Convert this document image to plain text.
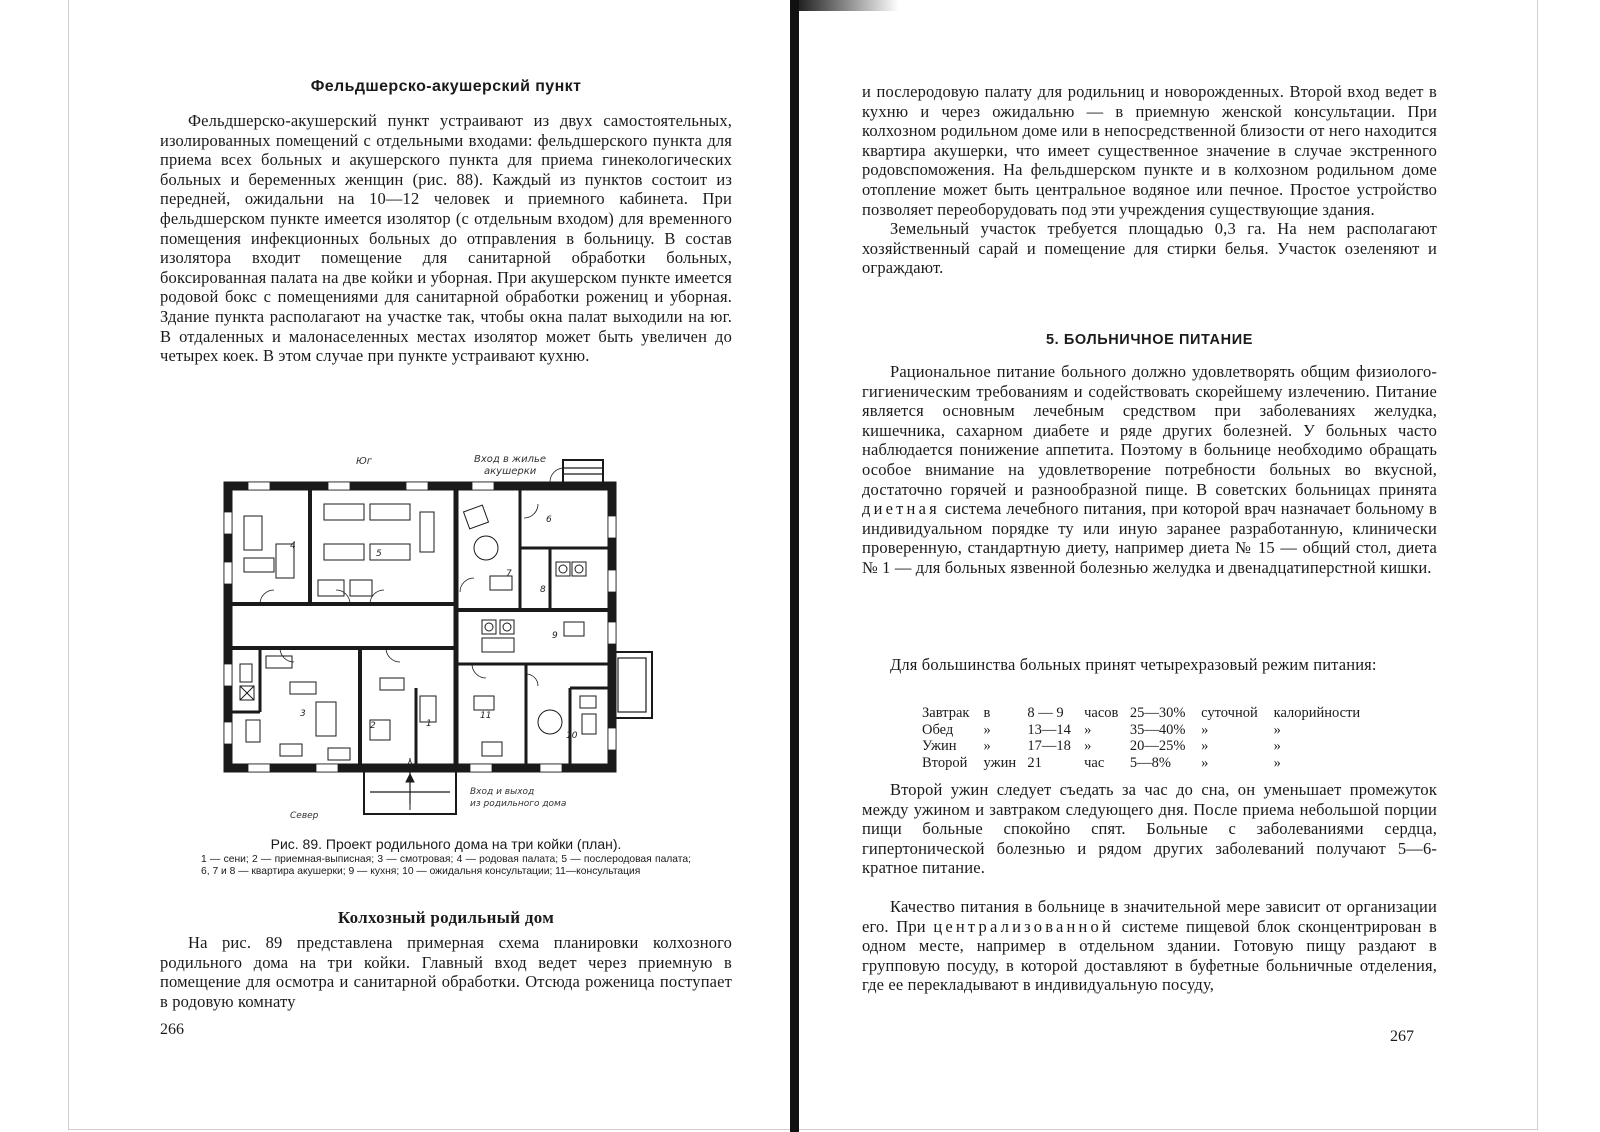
Фельдшерско-акушерский пункт

Фельдшерско-акушерский пункт устраивают из двух самостоятельных, изолированных помещений с отдельными входами: фельдшерского пункта для приема всех больных и акушерского пункта для приема гинекологических больных и беременных женщин (рис. 88). Каждый из пунктов состоит из передней, ожидальни на 10—12 человек и приемного кабинета. При фельдшерском пункте имеется изолятор (с отдельным входом) для временного помещения инфекционных больных до отправления в больницу. В состав изолятора входит помещение для санитарной обработки больных, боксированная палата на две койки и уборная. При акушерском пункте имеется родовой бокс с помещениями для санитарной обработки рожениц и уборная. Здание пункта располагают на участке так, чтобы окна палат выходили на юг. В отдаленных и малонаселенных местах изолятор может быть увеличен до четырех коек. В этом случае при пункте устраивают кухню.

1
2
3
4
5
6
7
8
9
10
11
Юг	Вход в жилье
акушерки
Вход и выход
из родильного дома
Север

Рис. 89. Проект родильного дома на три койки (план).

1 — сени; 2 — приемная-выписная; 3 — смотровая; 4 — родовая палата; 5 — послеродовая палата; 6, 7 и 8 — квартира акушерки; 9 — кухня; 10 — ожидальня консультации; 11—консультация

Колхозный родильный дом

На рис. 89 представлена примерная схема планировки колхозного родильного дома на три койки. Главный вход ведет через приемную в помещение для осмотра и санитарной обработки. Отсюда роженица поступает в родовую комнату

266

и послеродовую палату для родильниц и новорожденных. Второй вход ведет в кухню и через ожидальню — в приемную женской консультации. При колхозном родильном доме или в непосредственной близости от него находится квартира акушерки, что имеет существенное значение в случае экстренного родовспоможения. На фельдшерском пункте и в колхозном родильном доме отопление может быть центральное водяное или печное. Простое устройство позволяет переоборудовать под эти учреждения существующие здания.

Земельный участок требуется площадью 0,3 га. На нем располагают хозяйственный сарай и помещение для стирки белья. Участок озеленяют и ограждают.

5. БОЛЬНИЧНОЕ ПИТАНИЕ

Рациональное питание больного должно удовлетворять общим физиолого-гигиеническим требованиям и содействовать скорейшему излечению. Питание является основным лечебным средством при заболеваниях желудка, кишечника, сахарном диабете и ряде других болезней. У больных часто наблюдается понижение аппетита. Поэтому в больнице необходимо обращать особое внимание на удовлетворение потребности больных во вкусной, достаточно горячей и разнообразной пище. В советских больницах принята диетная система лечебного питания, при которой врач назначает больному в индивидуальном порядке ту или иную заранее разработанную, клинически проверенную, стандартную диету, например диета № 15 — общий стол, диета № 1 — для больных язвенной болезнью желудка и двенадцатиперстной кишки.

Для большинства больных принят четырехразовый режим питания:

Завтрак	в	8 — 9	часов	25—30%	суточной	калорийности
Обед	»	13—14	»	35—40%	»	»
Ужин	»	17—18	»	20—25%	»	»
Второй	ужин	21	час	5—8%	»	»

Второй ужин следует съедать за час до сна, он уменьшает промежуток между ужином и завтраком следующего дня. После приема небольшой порции пищи больные спокойно спят. Больные с заболеваниями сердца, гипертонической болезнью и рядом других заболеваний получают 5—6-кратное питание.

Качество питания в больнице в значительной мере зависит от организации его. При централизованной системе пищевой блок сконцентрирован в одном месте, например в отдельном здании. Готовую пищу раздают в групповую посуду, в которой доставляют в буфетные больничные отделения, где ее перекладывают в индивидуальную посуду,

267
